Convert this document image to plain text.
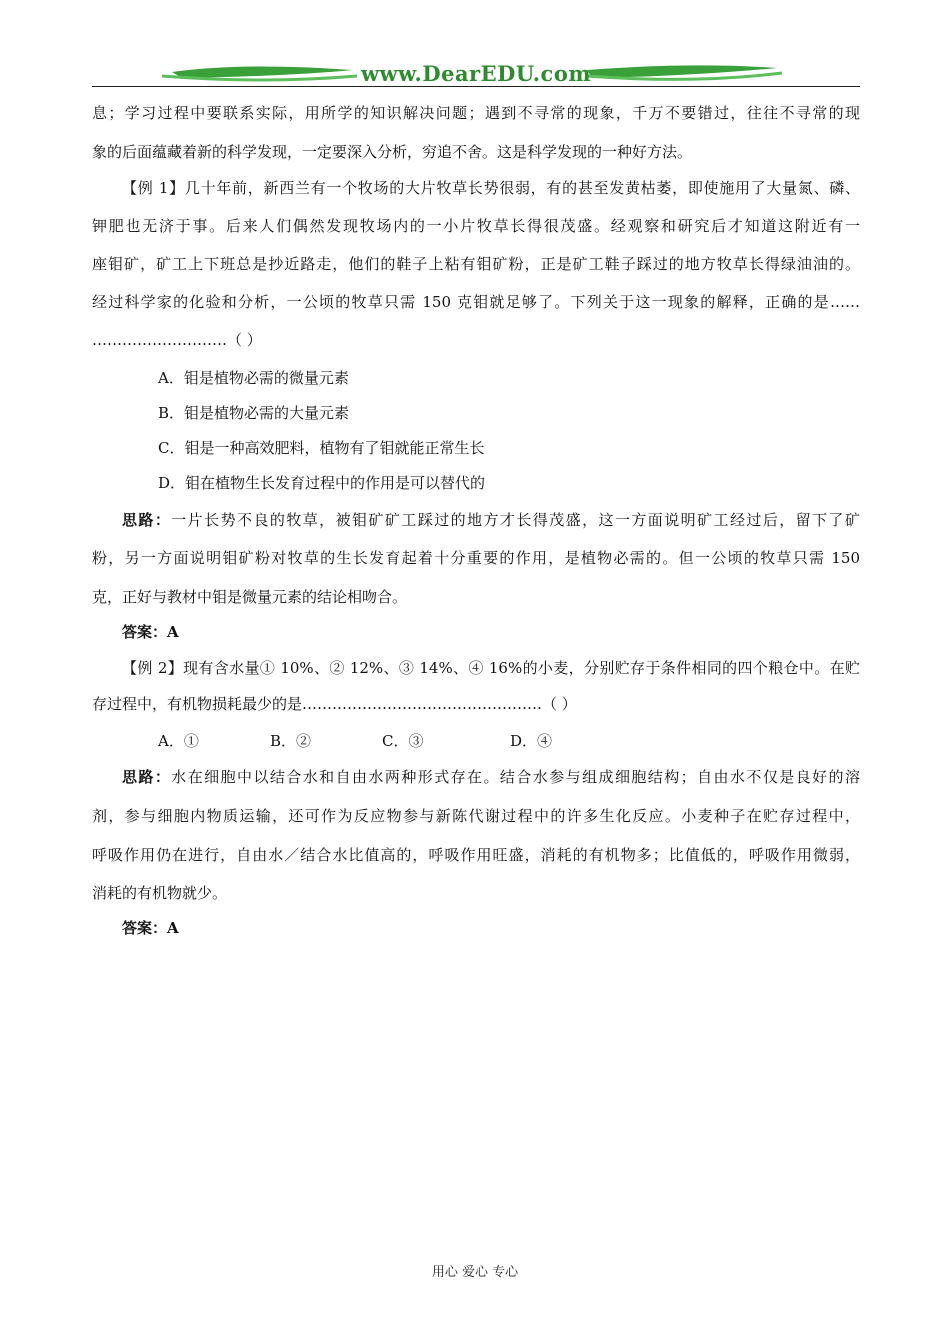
www.DearEDU.com
息；学习过程中要联系实际，用所学的知识解决问题；遇到不寻常的现象，千万不要错过，往往不寻常的现
象的后面蕴藏着新的科学发现，一定要深入分析，穷追不舍。这是科学发现的一种好方法。
【例 1】几十年前，新西兰有一个牧场的大片牧草长势很弱，有的甚至发黄枯萎，即使施用了大量氮、磷、
钾肥也无济于事。后来人们偶然发现牧场内的一小片牧草长得很茂盛。经观察和研究后才知道这附近有一
座钼矿，矿工上下班总是抄近路走，他们的鞋子上粘有钼矿粉，正是矿工鞋子踩过的地方牧草长得绿油油的。
经过科学家的化验和分析，一公顷的牧草只需 150 克钼就足够了。下列关于这一现象的解释，正确的是……
………………………（ ）
A．钼是植物必需的微量元素
B．钼是植物必需的大量元素
C．钼是一种高效肥料，植物有了钼就能正常生长
D．钼在植物生长发育过程中的作用是可以替代的
思路：一片长势不良的牧草，被钼矿矿工踩过的地方才长得茂盛，这一方面说明矿工经过后，留下了矿
粉，另一方面说明钼矿粉对牧草的生长发育起着十分重要的作用，是植物必需的。但一公顷的牧草只需 150
克，正好与教材中钼是微量元素的结论相吻合。
答案：A
【例 2】现有含水量① 10%、② 12%、③ 14%、④ 16%的小麦，分别贮存于条件相同的四个粮仓中。在贮
存过程中，有机物损耗最少的是…………………………………………（ ）
A．①	B．②	C．③	D．④
思路：水在细胞中以结合水和自由水两种形式存在。结合水参与组成细胞结构；自由水不仅是良好的溶
剂，参与细胞内物质运输，还可作为反应物参与新陈代谢过程中的许多生化反应。小麦种子在贮存过程中，
呼吸作用仍在进行，自由水／结合水比值高的，呼吸作用旺盛，消耗的有机物多；比值低的，呼吸作用微弱，
消耗的有机物就少。
答案：A
用心 爱心 专心
